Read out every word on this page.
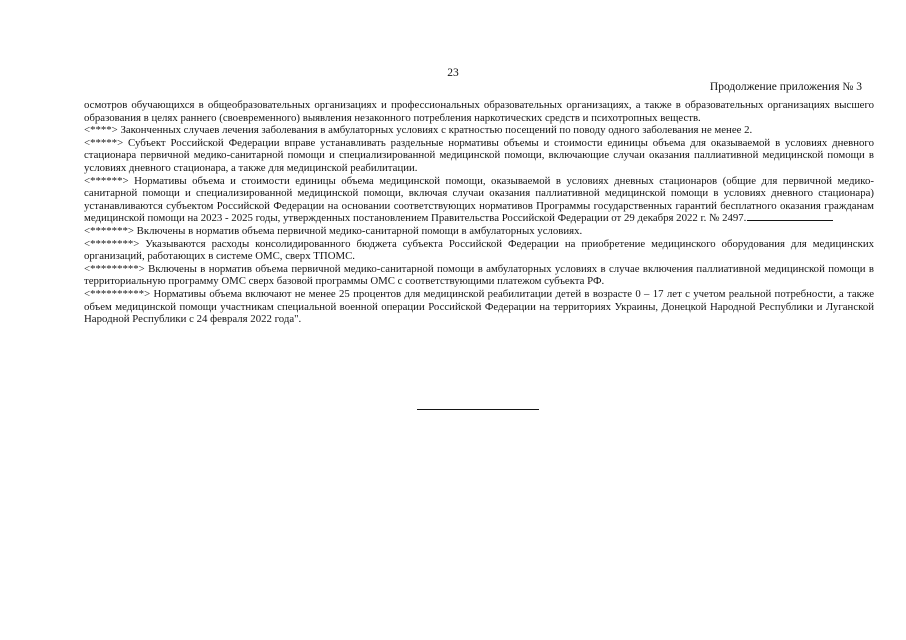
23
Продолжение приложения № 3

осмотров обучающихся в общеобразовательных организациях и профессиональных образовательных организациях, а также в образовательных организациях высшего образования в целях раннего (своевременного) выявления незаконного потребления наркотических средств и психотропных веществ.

<****> Законченных случаев лечения заболевания в амбулаторных условиях с кратностью посещений по поводу одного заболевания не менее 2.

<*****> Субъект Российской Федерации вправе устанавливать раздельные нормативы объемы и стоимости единицы объема для оказываемой в условиях дневного стационара первичной медико-санитарной помощи и специализированной медицинской помощи, включающие случаи оказания паллиативной медицинской помощи в условиях дневного стационара, а также для медицинской реабилитации.

<******> Нормативы объема и стоимости единицы объема медицинской помощи, оказываемой в условиях дневных стационаров (общие для первичной медико-санитарной помощи и специализированной медицинской помощи, включая случаи оказания паллиативной медицинской помощи в условиях дневного стационара) устанавливаются субъектом Российской Федерации на основании соответствующих нормативов Программы государственных гарантий бесплатного оказания гражданам медицинской помощи на 2023 - 2025 годы, утвержденных постановлением Правительства Российской Федерации от 29 декабря 2022 г. № 2497.

<*******> Включены в норматив объема первичной медико-санитарной помощи в амбулаторных условиях.

<********> Указываются расходы консолидированного бюджета субъекта Российской Федерации на приобретение медицинского оборудования для медицинских организаций, работающих в системе ОМС, сверх ТПОМС.

<*********> Включены в норматив объема первичной медико-санитарной помощи в амбулаторных условиях в случае включения паллиативной медицинской помощи в территориальную программу ОМС сверх базовой программы ОМС с соответствующими платежом субъекта РФ.

<**********> Нормативы объема включают не менее 25 процентов для медицинской реабилитации детей в возрасте 0 – 17 лет с учетом реальной потребности, а также объем медицинской помощи участникам специальной военной операции Российской Федерации на территориях Украины, Донецкой Народной Республики и Луганской Народной Республики с 24 февраля 2022 года".
